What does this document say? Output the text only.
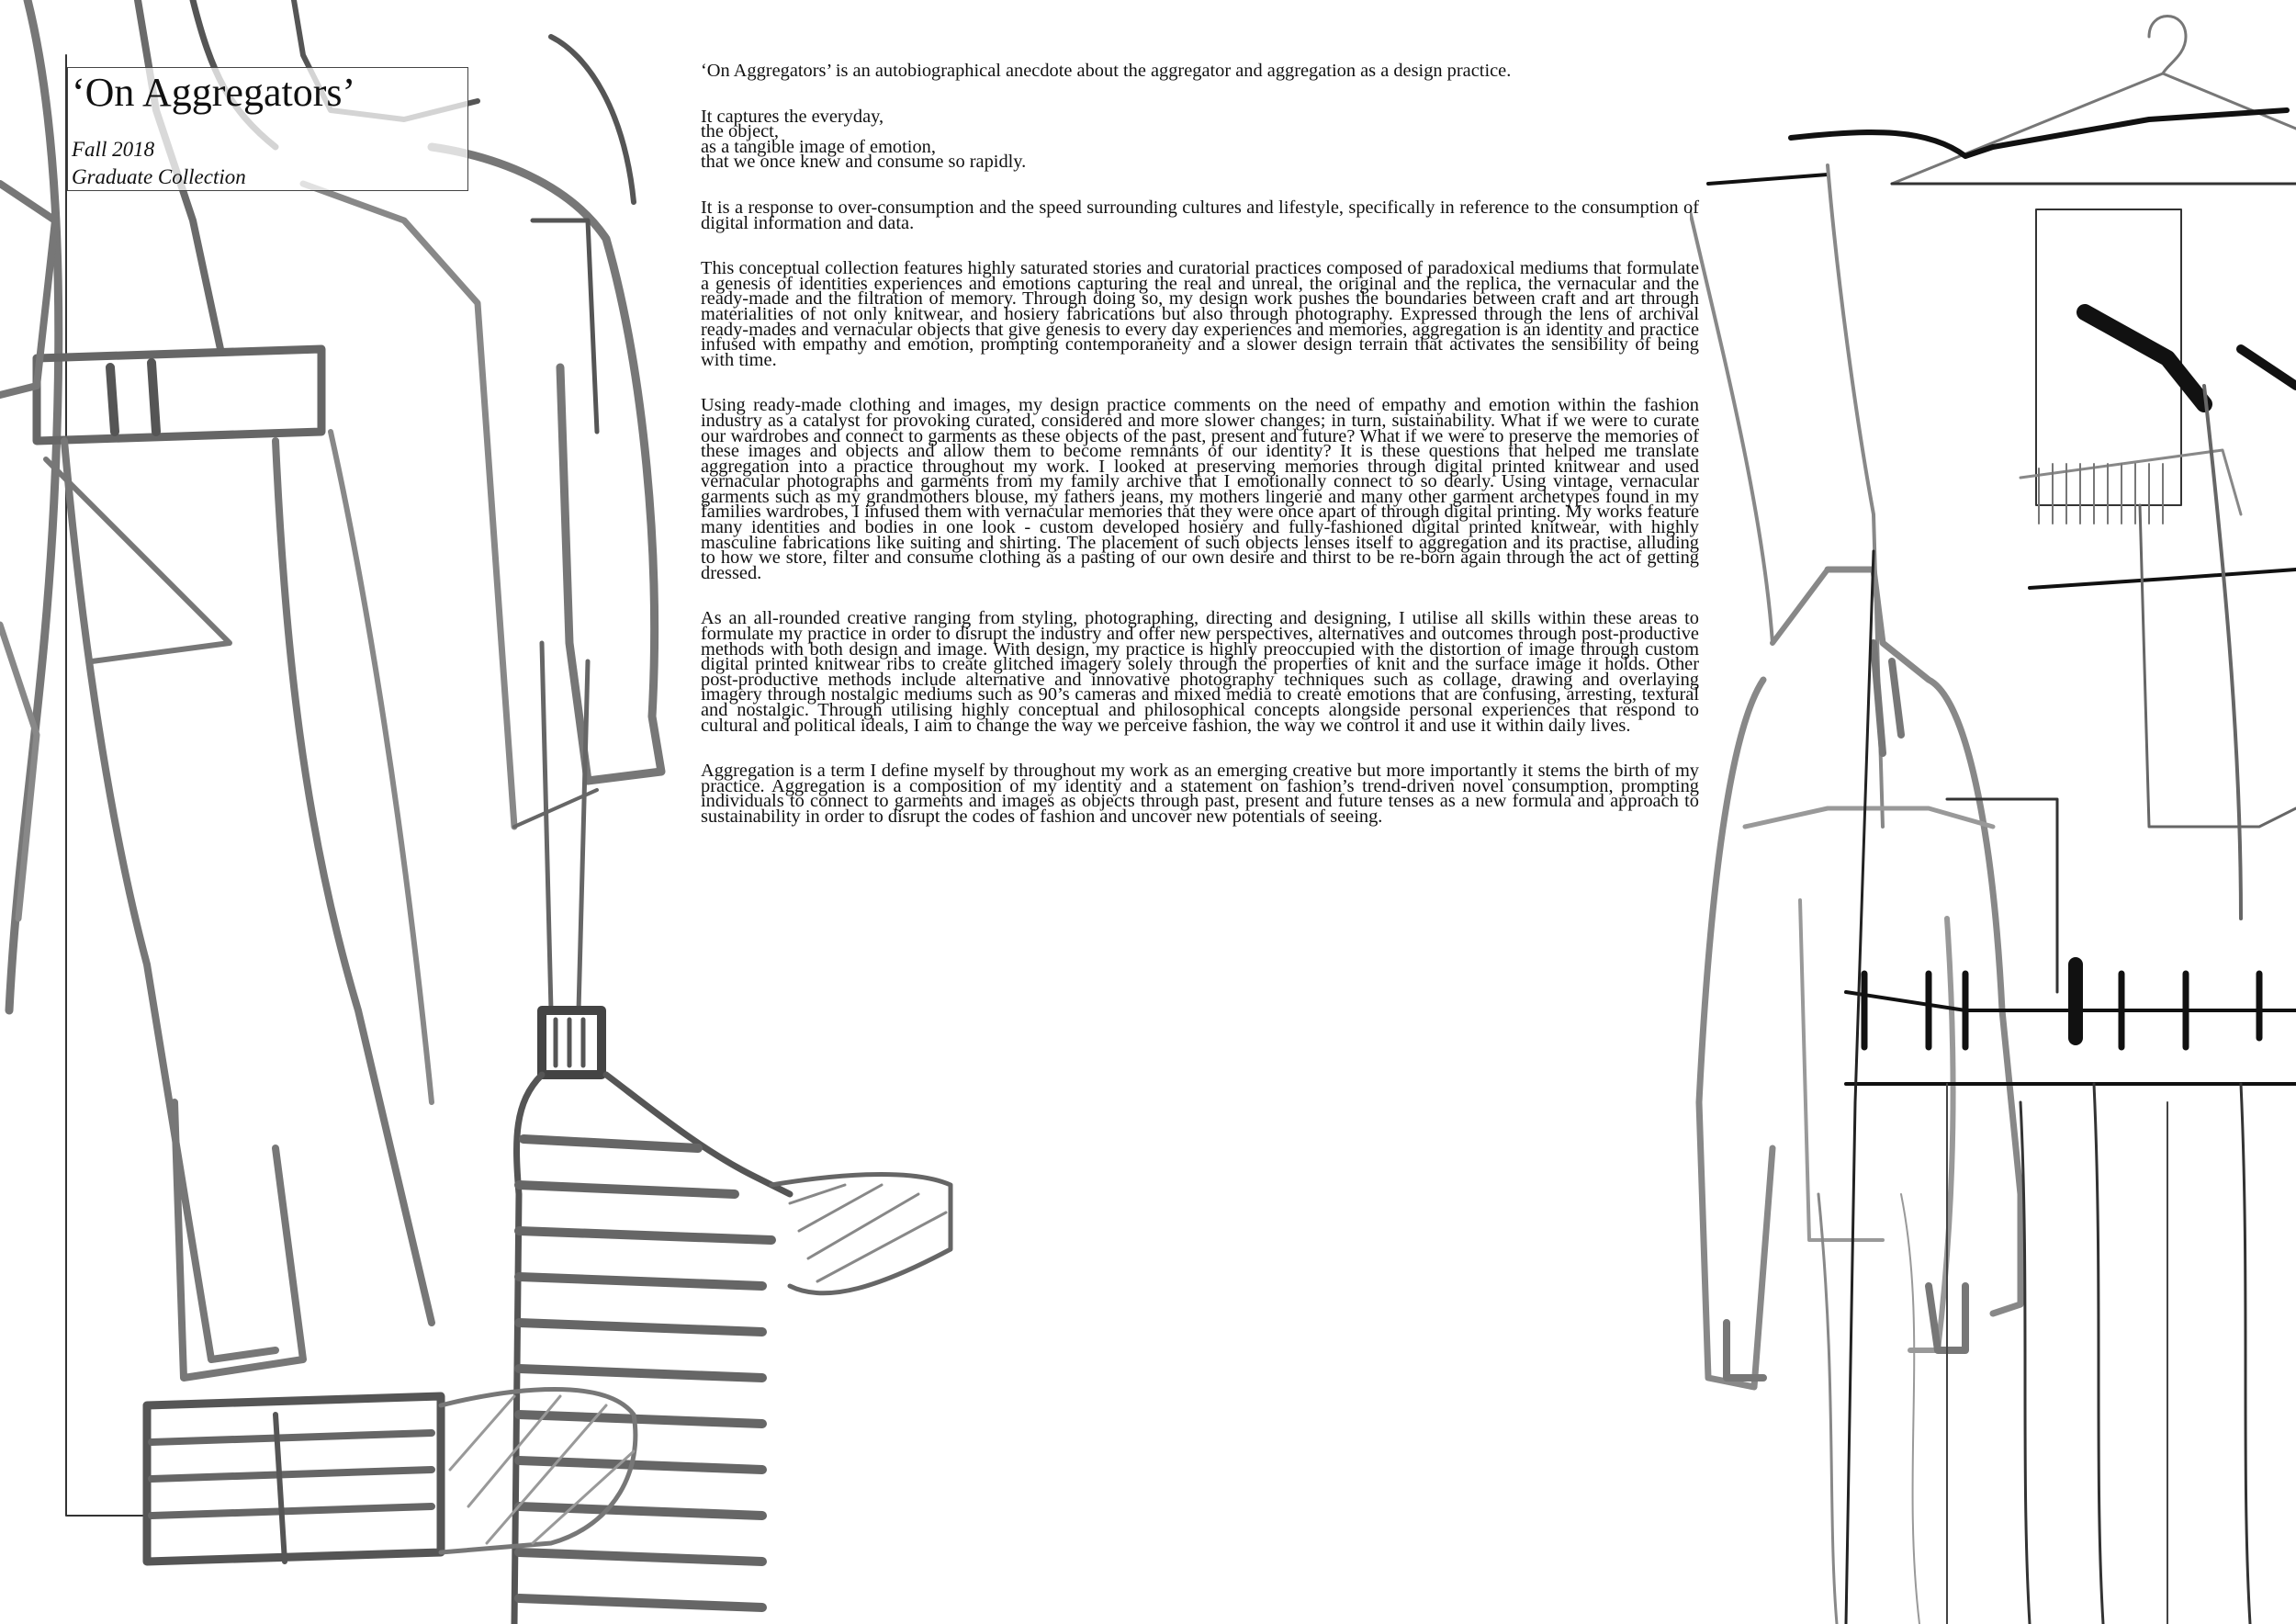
‘On Aggregators’
Fall 2018
Graduate Collection

‘On Aggregators’ is an autobiographical anecdote about the aggregator and aggregation as a design practice.

It captures the everyday,
the object,
as a tangible image of emotion,
that we once knew and consume so rapidly.

It is a response to over-consumption and the speed surrounding cultures and lifestyle, specifically in reference to the consumption of digital information and data.

This conceptual collection features highly saturated stories and curatorial practices composed of paradoxical mediums that formulate a genesis of identities experiences and emotions capturing the real and unreal, the original and the replica, the vernacular and the ready-made and the filtration of memory. Through doing so, my design work pushes the boundaries between craft and art through materialities of not only knitwear, and hosiery fabrications but also through photography. Expressed through the lens of archival ready-mades and vernacular objects that give genesis to every day experiences and memories, aggregation is an identity and practice infused with empathy and emotion, prompting contemporaneity and a slower design terrain that activates the sensibility of being with time.

Using ready-made clothing and images, my design practice comments on the need of empathy and emotion within the fashion industry as a catalyst for provoking curated, considered and more slower changes; in turn, sustainability. What if we were to curate our wardrobes and connect to garments as these objects of the past, present and future? What if we were to preserve the memories of these images and objects and allow them to become remnants of our identity? It is these questions that helped me translate aggregation into a practice throughout my work. I looked at preserving memories through digital printed knitwear and used vernacular photographs and garments from my family archive that I emotionally connect to so dearly. Using vintage, vernacular garments such as my grandmothers blouse, my fathers jeans, my mothers lingerie and many other garment archetypes found in my families wardrobes, I infused them with vernacular memories that they were once apart of through digital printing. My works feature many identities and bodies in one look - custom developed hosiery and fully-fashioned digital printed knitwear, with highly masculine fabrications like suiting and shirting. The placement of such objects lenses itself to aggregation and its practise, alluding to how we store, filter and consume clothing as a pasting of our own desire and thirst to be re-born again through the act of getting dressed.

As an all-rounded creative ranging from styling, photographing, directing and designing, I utilise all skills within these areas to formulate my practice in order to disrupt the industry and offer new perspectives, alternatives and outcomes through post-productive methods with both design and image. With design, my practice is highly preoccupied with the distortion of image through custom digital printed knitwear ribs to create glitched imagery solely through the properties of knit and the surface image it holds. Other post-productive methods include alternative and innovative photography techniques such as collage, drawing and overlaying imagery through nostalgic mediums such as 90’s cameras and mixed media to create emotions that are confusing, arresting, textural and nostalgic. Through utilising highly conceptual and philosophical concepts alongside personal experiences that respond to cultural and political ideals, I aim to change the way we perceive fashion, the way we control it and use it within daily lives.

Aggregation is a term I define myself by throughout my work as an emerging creative but more importantly it stems the birth of my practice. Aggregation is a composition of my identity and a statement on fashion’s trend-driven novel consumption, prompting individuals to connect to garments and images as objects through past, present and future tenses as a new formula and approach to sustainability in order to disrupt the codes of fashion and uncover new potentials of seeing.
